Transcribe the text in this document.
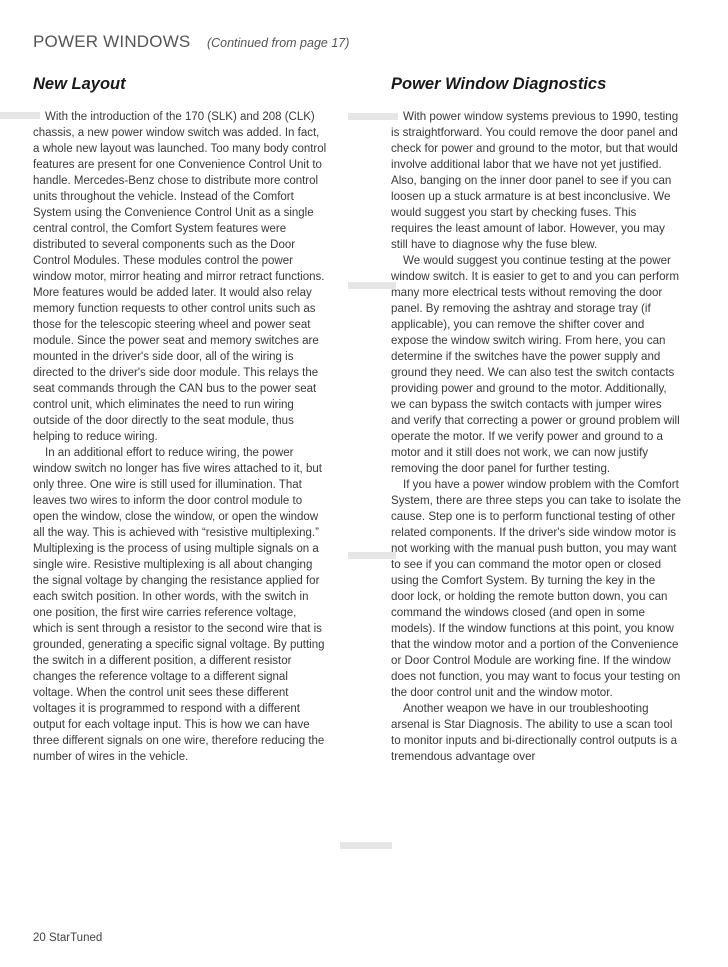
POWER WINDOWS (Continued from page 17)
New Layout

With the introduction of the 170 (SLK) and 208 (CLK) chassis, a new power window switch was added. In fact, a whole new layout was launched. Too many body control features are present for one Convenience Control Unit to handle. Mercedes-Benz chose to distribute more control units throughout the vehicle. Instead of the Comfort System using the Convenience Control Unit as a single central control, the Comfort System features were distributed to several components such as the Door Control Modules. These modules control the power window motor, mirror heating and mirror retract functions. More features would be added later. It would also relay memory function requests to other control units such as those for the telescopic steering wheel and power seat module. Since the power seat and memory switches are mounted in the driver's side door, all of the wiring is directed to the driver's side door module. This relays the seat commands through the CAN bus to the power seat control unit, which eliminates the need to run wiring outside of the door directly to the seat module, thus helping to reduce wiring.

In an additional effort to reduce wiring, the power window switch no longer has five wires attached to it, but only three. One wire is still used for illumination. That leaves two wires to inform the door control module to open the window, close the window, or open the window all the way. This is achieved with “resistive multiplexing.” Multiplexing is the process of using multiple signals on a single wire. Resistive multiplexing is all about changing the signal voltage by changing the resistance applied for each switch position. In other words, with the switch in one position, the first wire carries reference voltage, which is sent through a resistor to the second wire that is grounded, generating a specific signal voltage. By putting the switch in a different position, a different resistor changes the reference voltage to a different signal voltage. When the control unit sees these different voltages it is programmed to respond with a different output for each voltage input. This is how we can have three different signals on one wire, therefore reducing the number of wires in the vehicle.

Power Window Diagnostics

With power window systems previous to 1990, testing is straightforward. You could remove the door panel and check for power and ground to the motor, but that would involve additional labor that we have not yet justified. Also, banging on the inner door panel to see if you can loosen up a stuck armature is at best inconclusive. We would suggest you start by checking fuses. This requires the least amount of labor. However, you may still have to diagnose why the fuse blew.

We would suggest you continue testing at the power window switch. It is easier to get to and you can perform many more electrical tests without removing the door panel. By removing the ashtray and storage tray (if applicable), you can remove the shifter cover and expose the window switch wiring. From here, you can determine if the switches have the power supply and ground they need. We can also test the switch contacts providing power and ground to the motor. Additionally, we can bypass the switch contacts with jumper wires and verify that correcting a power or ground problem will operate the motor. If we verify power and ground to a motor and it still does not work, we can now justify removing the door panel for further testing.

If you have a power window problem with the Comfort System, there are three steps you can take to isolate the cause. Step one is to perform functional testing of other related components. If the driver's side window motor is not working with the manual push button, you may want to see if you can command the motor open or closed using the Comfort System. By turning the key in the door lock, or holding the remote button down, you can command the windows closed (and open in some models). If the window functions at this point, you know that the window motor and a portion of the Convenience or Door Control Module are working fine. If the window does not function, you may want to focus your testing on the door control unit and the window motor.

Another weapon we have in our troubleshooting arsenal is Star Diagnosis. The ability to use a scan tool to monitor inputs and bi-directionally control outputs is a tremendous advantage over

20 StarTuned
